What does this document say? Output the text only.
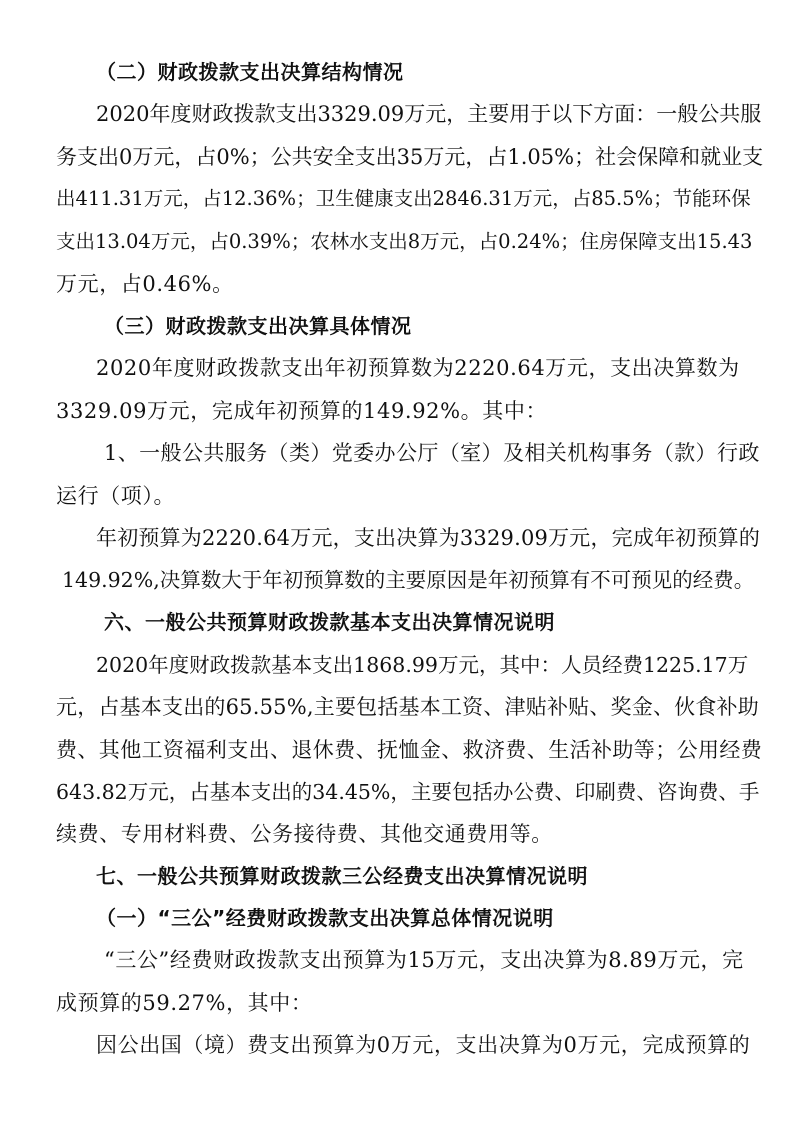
（二）财政拨款支出决算结构情况
2020年度财政拨款支出3329.09万元，主要用于以下方面：一般公共服
务支出0万元，占0%；公共安全支出35万元，占1.05%；社会保障和就业支
出411.31万元，占12.36%；卫生健康支出2846.31万元，占85.5%；节能环保
支出13.04万元，占0.39%；农林水支出8万元，占0.24%；住房保障支出15.43
万元，占0.46%。
（三）财政拨款支出决算具体情况
2020年度财政拨款支出年初预算数为2220.64万元，支出决算数为
3329.09万元，完成年初预算的149.92%。其中：
1、一般公共服务（类）党委办公厅（室）及相关机构事务（款）行政
运行（项）。
年初预算为2220.64万元，支出决算为3329.09万元，完成年初预算的
149.92%,决算数大于年初预算数的主要原因是年初预算有不可预见的经费。
六、一般公共预算财政拨款基本支出决算情况说明
2020年度财政拨款基本支出1868.99万元，其中：人员经费1225.17万
元，占基本支出的65.55%,主要包括基本工资、津贴补贴、奖金、伙食补助
费、其他工资福利支出、退休费、抚恤金、救济费、生活补助等；公用经费
643.82万元，占基本支出的34.45%，主要包括办公费、印刷费、咨询费、手
续费、专用材料费、公务接待费、其他交通费用等。
七、一般公共预算财政拨款三公经费支出决算情况说明
（一）“三公”经费财政拨款支出决算总体情况说明
“三公”经费财政拨款支出预算为15万元，支出决算为8.89万元，完
成预算的59.27%，其中：
因公出国（境）费支出预算为0万元，支出决算为0万元，完成预算的
